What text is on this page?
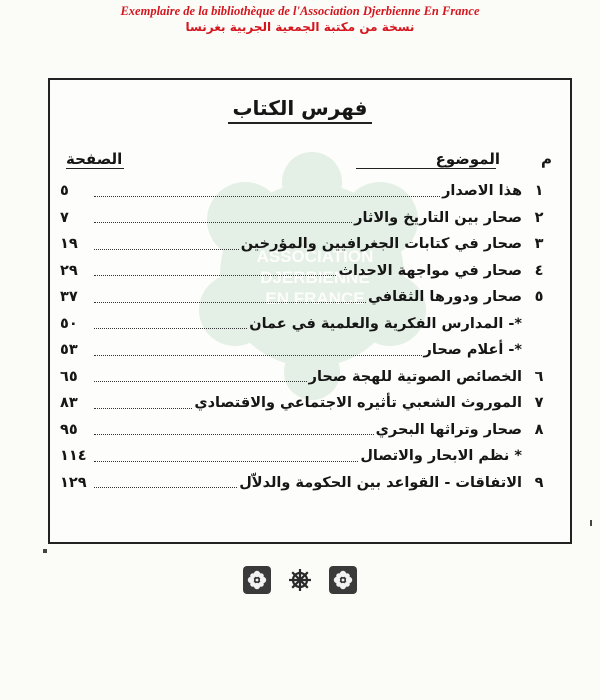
Exemplaire de la bibliothèque de l'Association Djerbienne En France
نسخة من مكتبة الجمعية الجربية بغرنسا
ASSOCIATION
DJERBIENNE
EN FRANCE
فهرس الكتاب
م
الموضوع
الصفحة
١
هذا الاصدار
٥
٢
صحار بين التاريخ والاثار
٧
٣
صحار في كتابات الجغرافيين والمؤرخين
١٩
٤
صحار في مواجهة الاحداث
٢٩
٥
صحار ودورها الثقافي
٣٧
*- المدارس الفكرية والعلمية في عمان
٥٠
*- أعلام صحار
٥٣
٦
الخصائص الصوتية للهجة صحار
٦٥
٧
الموروث الشعبي تأثيره الاجتماعي والاقتصادي
٨٣
٨
صحار وتراثها البحري
٩٥
* نظم الابحار والاتصال
١١٤
٩
الاتفاقات - القواعد بين الحكومة والدلاّل
١٢٩
